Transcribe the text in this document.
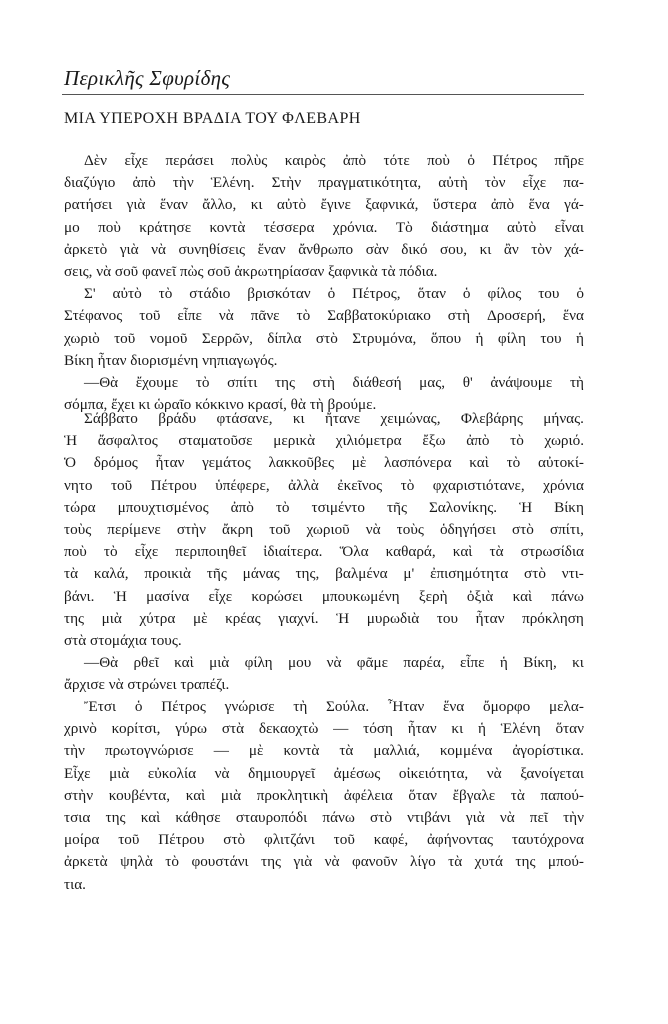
Περικλῆς Σφυρίδης
ΜΙΑ ΥΠΕΡΟΧΗ ΒΡΑΔΙΑ ΤΟΥ ΦΛΕΒΑΡΗ
Δὲν εἶχε περάσει πολὺς καιρὸς ἀπὸ τότε ποὺ ὁ Πέτρος πῆρε
διαζύγιο ἀπὸ τὴν Ἑλένη. Στὴν πραγματικότητα, αὐτὴ τὸν εἶχε πα-
ρατήσει γιὰ ἕναν ἄλλο, κι αὐτὸ ἔγινε ξαφνικά, ὕστερα ἀπὸ ἕνα γά-
μο ποὺ κράτησε κοντὰ τέσσερα χρόνια. Τὸ διάστημα αὐτὸ εἶναι
ἀρκετὸ γιὰ νὰ συνηθίσεις ἕναν ἄνθρωπο σὰν δικό σου, κι ἂν τὸν χά-
σεις, νὰ σοῦ φανεῖ πὼς σοῦ ἀκρωτηρίασαν ξαφνικὰ τὰ πόδια.
Σ' αὐτὸ τὸ στάδιο βρισκόταν ὁ Πέτρος, ὅταν ὁ φίλος του ὁ
Στέφανος τοῦ εἶπε νὰ πᾶνε τὸ Σαββατοκύριακο στὴ Δροσερή, ἕνα
χωριὸ τοῦ νομοῦ Σερρῶν, δίπλα στὸ Στρυμόνα, ὅπου ἡ φίλη του ἡ
Βίκη ἦταν διορισμένη νηπιαγωγός.
—Θὰ ἔχουμε τὸ σπίτι της στὴ διάθεσή μας, θ' ἀνάψουμε τὴ
σόμπα, ἔχει κι ὡραῖο κόκκινο κρασί, θὰ τὴ βρούμε.
Σάββατο βράδυ φτάσανε, κι ἤτανε χειμώνας, Φλεβάρης μήνας.
Ἡ ἄσφαλτος σταματοῦσε μερικὰ χιλιόμετρα ἔξω ἀπὸ τὸ χωριό.
Ὁ δρόμος ἦταν γεμάτος λακκοῦβες μὲ λασπόνερα καὶ τὸ αὐτοκί-
νητο τοῦ Πέτρου ὑπέφερε, ἀλλὰ ἐκεῖνος τὸ φχαριστιότανε, χρόνια
τώρα μπουχτισμένος ἀπὸ τὸ τσιμέντο τῆς Σαλονίκης. Ἡ Βίκη
τοὺς περίμενε στὴν ἄκρη τοῦ χωριοῦ νὰ τοὺς ὁδηγήσει στὸ σπίτι,
ποὺ τὸ εἶχε περιποιηθεῖ ἰδιαίτερα. Ὅλα καθαρά, καὶ τὰ στρωσίδια
τὰ καλά, προικιὰ τῆς μάνας της, βαλμένα μ' ἐπισημότητα στὸ ντι-
βάνι. Ἡ μασίνα εἶχε κορώσει μπουκωμένη ξερὴ ὀξιὰ καὶ πάνω
της μιὰ χύτρα μὲ κρέας γιαχνί. Ἡ μυρωδιὰ του ἦταν πρόκληση
στὰ στομάχια τους.
—Θὰ ρθεῖ καὶ μιὰ φίλη μου νὰ φᾶμε παρέα, εἶπε ἡ Βίκη, κι
ἄρχισε νὰ στρώνει τραπέζι.
Ἔτσι ὁ Πέτρος γνώρισε τὴ Σούλα. Ἦταν ἕνα ὄμορφο μελα-
χρινὸ κορίτσι, γύρω στὰ δεκαοχτὼ — τόση ἦταν κι ἡ Ἑλένη ὅταν
τὴν πρωτογνώρισε — μὲ κοντὰ τὰ μαλλιά, κομμένα ἀγορίστικα.
Εἶχε μιὰ εὐκολία νὰ δημιουργεῖ ἀμέσως οἰκειότητα, νὰ ξανοίγεται
στὴν κουβέντα, καὶ μιὰ προκλητικὴ ἀφέλεια ὅταν ἔβγαλε τὰ παπού-
τσια της καὶ κάθησε σταυροπόδι πάνω στὸ ντιβάνι γιὰ νὰ πεῖ τὴν
μοίρα τοῦ Πέτρου στὸ φλιτζάνι τοῦ καφέ, ἀφήνοντας ταυτόχρονα
ἀρκετὰ ψηλὰ τὸ φουστάνι της γιὰ νὰ φανοῦν λίγο τὰ χυτά της μπού-
τια.
